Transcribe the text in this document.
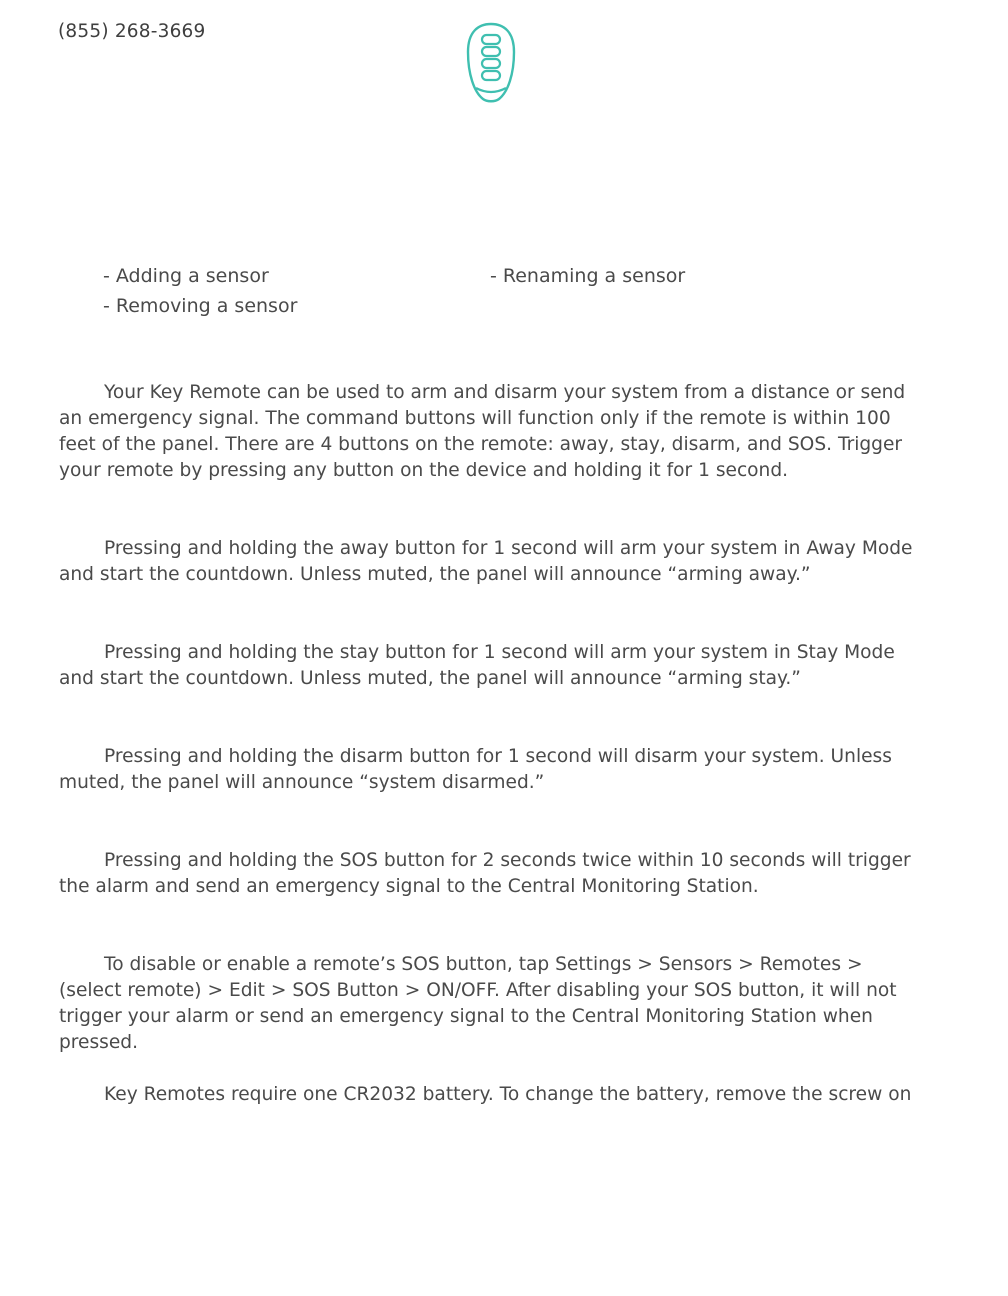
(855) 268-3669
- Adding a sensor
- Removing a sensor
- Renaming a sensor

Your Key Remote can be used to arm and disarm your system from a distance or send an emergency signal. The command buttons will function only if the remote is within 100 feet of the panel. There are 4 buttons on the remote: away, stay, disarm, and SOS. Trigger your remote by pressing any button on the device and holding it for 1 second.

Pressing and holding the away button for 1 second will arm your system in Away Mode and start the countdown. Unless muted, the panel will announce “arming away.”

Pressing and holding the stay button for 1 second will arm your system in Stay Mode and start the countdown. Unless muted, the panel will announce “arming stay.”

Pressing and holding the disarm button for 1 second will disarm your system. Unless muted, the panel will announce “system disarmed.”

Pressing and holding the SOS button for 2 seconds twice within 10 seconds will trigger the alarm and send an emergency signal to the Central Monitoring Station.

To disable or enable a remote’s SOS button, tap Settings > Sensors > Remotes > (select remote) > Edit > SOS Button > ON/OFF. After disabling your SOS button, it will not trigger your alarm or send an emergency signal to the Central Monitoring Station when pressed.

Key Remotes require one CR2032 battery. To change the battery, remove the screw on
